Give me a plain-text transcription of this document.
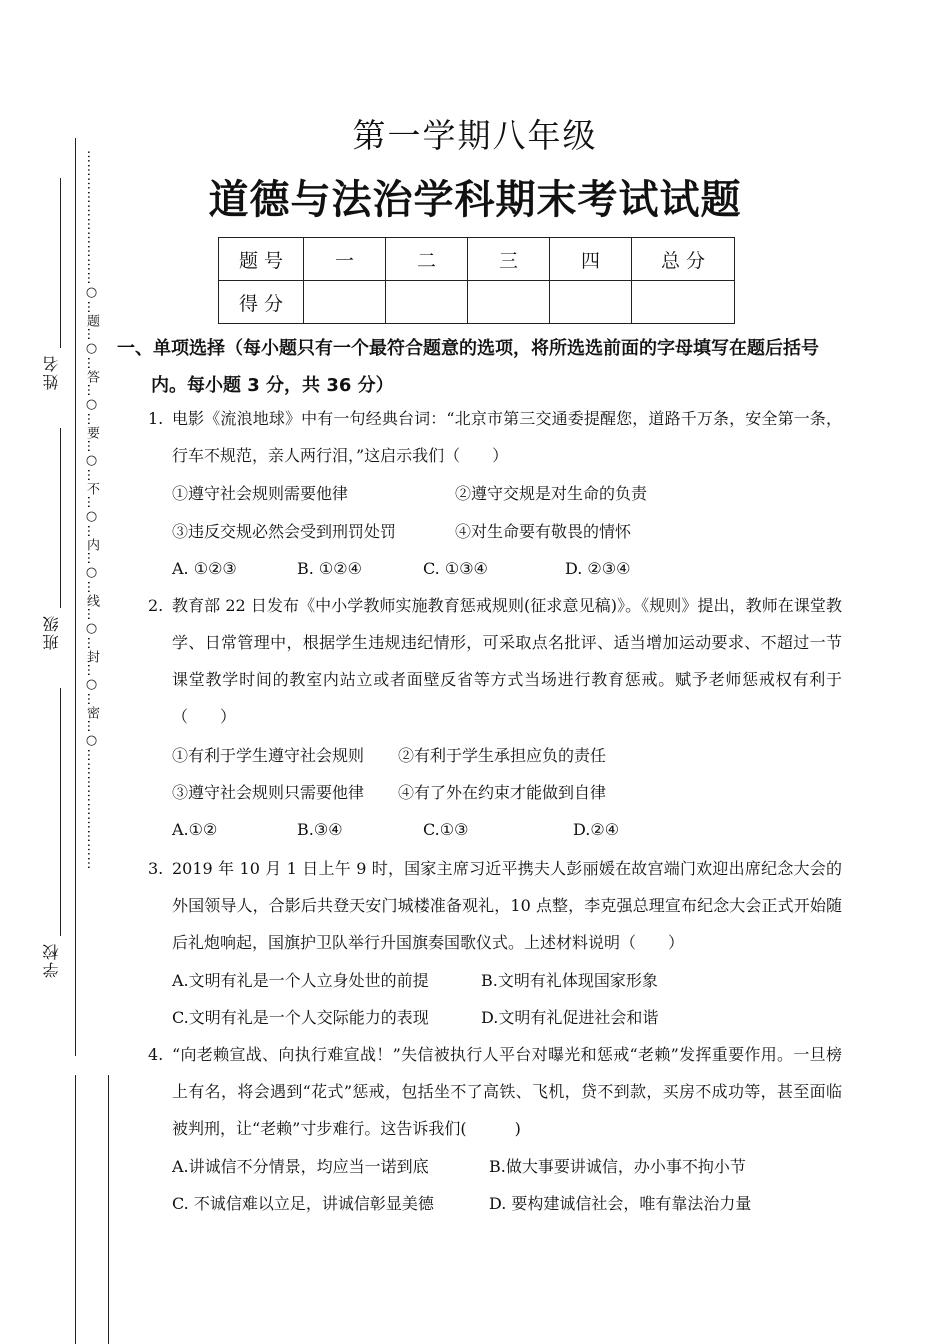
姓名
班级
学校
…………………………○…题…○…答…○…要…○…不…○…内…○…线…○…封…○…密…○………………………
第一学期八年级
道德与法治学科期末考试试题
题 号	一	二	三	四	总 分
得 分					
一、单项选择（每小题只有一个最符合题意的选项，将所选选前面的字母填写在题后括号内。每小题 3 分，共 36 分）
1. 电影《流浪地球》中有一句经典台词：“北京市第三交通委提醒您，道路千万条，安全第一条，行车不规范，亲人两行泪，”这启示我们（　　）
①遵守社会规则需要他律	②遵守交规是对生命的负责
③违反交规必然会受到刑罚处罚	④对生命要有敬畏的情怀
A. ①②③	B. ①②④	C. ①③④	D. ②③④
2. 教育部 22 日发布《中小学教师实施教育惩戒规则(征求意见稿)》。《规则》提出，教师在课堂教学、日常管理中，根据学生违规违纪情形，可采取点名批评、适当增加运动要求、不超过一节课堂教学时间的教室内站立或者面壁反省等方式当场进行教育惩戒。赋予老师惩戒权有利于（　　）
①有利于学生遵守社会规则 ②有利于学生承担应负的责任
③遵守社会规则只需要他律 ④有了外在约束才能做到自律
A.①②	B.③④	C.①③	D.②④
3. 2019 年 10 月 1 日上午 9 时，国家主席习近平携夫人彭丽媛在故宫端门欢迎出席纪念大会的外国领导人，合影后共登天安门城楼准备观礼，10 点整，李克强总理宣布纪念大会正式开始随后礼炮响起，国旗护卫队举行升国旗奏国歌仪式。上述材料说明（　　）
A.文明有礼是一个人立身处世的前提	B.文明有礼体现国家形象
C.文明有礼是一个人交际能力的表现	D.文明有礼促进社会和谐
4. “向老赖宣战、向执行难宣战！”失信被执行人平台对曝光和惩戒“老赖”发挥重要作用。一旦榜上有名，将会遇到“花式”惩戒，包括坐不了高铁、飞机，贷不到款，买房不成功等，甚至面临被判刑，让“老赖”寸步难行。这告诉我们(　　　)
A.讲诚信不分情景，均应当一诺到底	B.做大事要讲诚信，办小事不拘小节
C. 不诚信难以立足，讲诚信彰显美德	D. 要构建诚信社会，唯有靠法治力量
